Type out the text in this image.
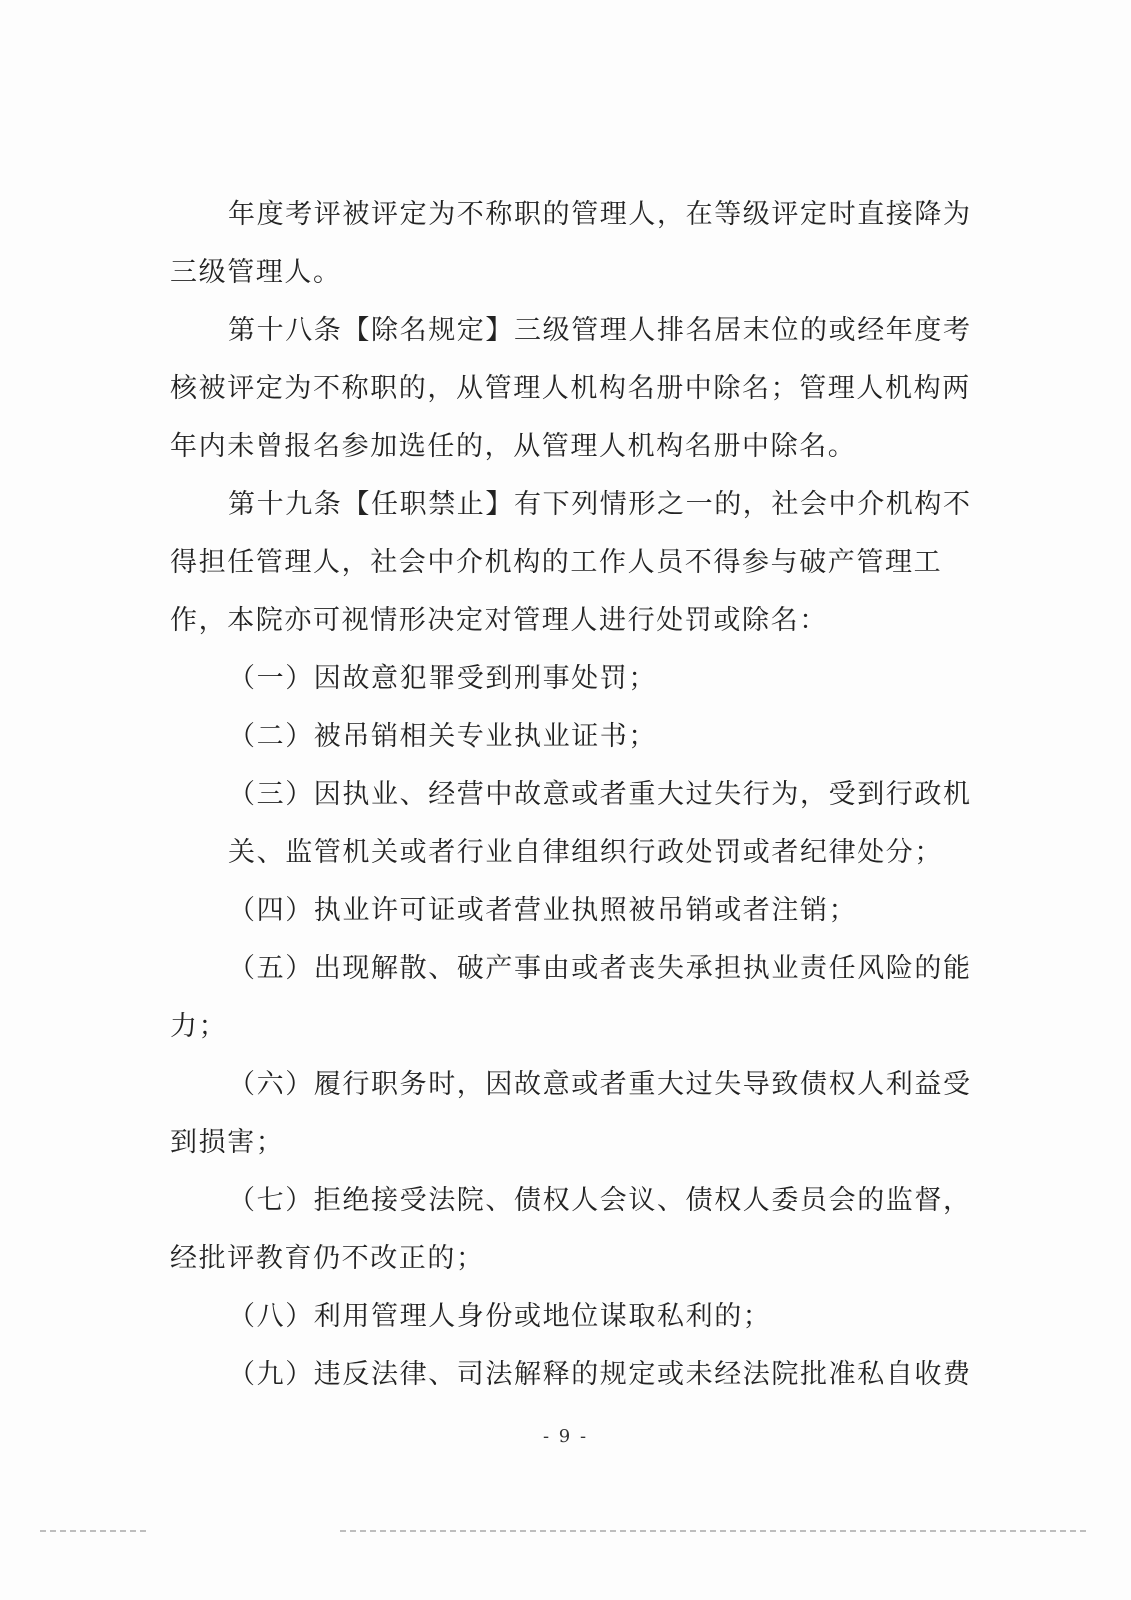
年度考评被评定为不称职的管理人，在等级评定时直接降为
三级管理人。
第十八条【除名规定】三级管理人排名居末位的或经年度考
核被评定为不称职的，从管理人机构名册中除名；管理人机构两
年内未曾报名参加选任的，从管理人机构名册中除名。
第十九条【任职禁止】有下列情形之一的，社会中介机构不
得担任管理人，社会中介机构的工作人员不得参与破产管理工
作，本院亦可视情形决定对管理人进行处罚或除名：
（一）因故意犯罪受到刑事处罚；
（二）被吊销相关专业执业证书；
（三）因执业、经营中故意或者重大过失行为，受到行政机
关、监管机关或者行业自律组织行政处罚或者纪律处分；
（四）执业许可证或者营业执照被吊销或者注销；
（五）出现解散、破产事由或者丧失承担执业责任风险的能
力；
（六）履行职务时，因故意或者重大过失导致债权人利益受
到损害；
（七）拒绝接受法院、债权人会议、债权人委员会的监督，
经批评教育仍不改正的；
（八）利用管理人身份或地位谋取私利的；
（九）违反法律、司法解释的规定或未经法院批准私自收费
- 9 -
